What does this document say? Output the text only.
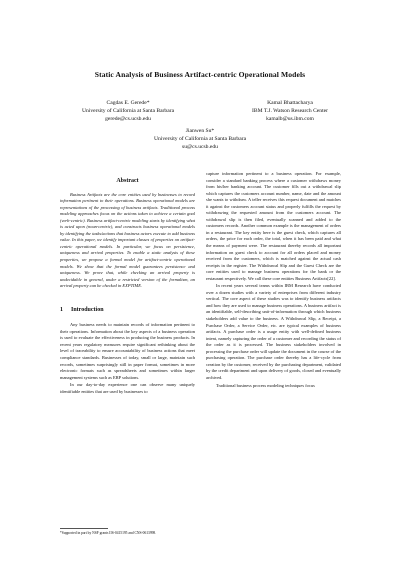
Static Analysis of Business Artifact-centric Operational Models
Cagdas E. Gerede*
University of California at Santa Barbara
gerede@cs.ucsb.edu
Kamal Bhattacharya
IBM T.J. Watson Research Center
kamalb@us.ibm.com
Jianwen Su*
University of California at Santa Barbara
su@cs.ucsb.edu
Abstract

Business Artifacts are the core entities used by businesses to record information pertinent to their operations. Business operational models are representations of the processing of business artifacts. Traditional process modeling approaches focus on the actions taken to achieve a certain goal (verb-centric). Business artifact-centric modeling starts by identifying what is acted upon (noun-centric), and constructs business operational models by identifying the tasks/actions that business actors execute to add business value. In this paper, we identify important classes of properties on artifact-centric operational models. In particular, we focus on persistence, uniqueness and arrival properties. To enable a static analysis of these properties, we propose a formal model for artifact-centric operational models. We show that the formal model guarantees persistence and uniqueness. We prove that, while checking an arrival property is undecidable in general, under a restricted version of the formalism, an arrival property can be checked in EXPTIME.

1 Introduction

Any business needs to maintain records of information pertinent to their operations. Information about the key aspects of a business operation is used to evaluate the effectiveness in producing the business products. In recent years regulatory measures require significant rethinking about the level of traceability to ensure accountability of business actions that meet compliance standards. Businesses of today, small or large, maintain such records, sometimes surprisingly still in paper format, sometimes in more electronic formats such as spreadsheets and sometimes within larger management systems such as ERP solutions.

In our day-to-day experience one can observe many uniquely identifiable entities that are used by businesses to

capture information pertinent to a business operation. For example, consider a standard banking process where a customer withdraws money from his/her banking account. The customer fills out a withdrawal slip which captures the customers account number, name, date and the amount she wants to withdraw. A teller receives this request document and matches it against the customers account status and properly fulfills the request by withdrawing the requested amount from the customers account. The withdrawal slip is then filed, eventually scanned and added to the customers records. Another common example is the management of orders in a restaurant. The key entity here is the guest check, which captures all orders, the price for each order, the total, when it has been paid and what the means of payment were. The restaurant thereby records all important information on guest check to account for all orders placed and money received from the customers, which is matched against the actual cash receipts in the register. The Withdrawal Slip and the Guest Check are the core entities used to manage business operations for the bank or the restaurant respectively. We call these core entities Business Artifacts[22].

In recent years several teams within IBM Research have conducted over a dozen studies with a variety of enterprises from different industry vertical. The core aspect of these studies was to identify business artifacts and how they are used to manage business operations. A business artifact is an identifiable, self-describing unit-of-information through which business stakeholders add value to the business. A Withdrawal Slip, a Receipt, a Purchase Order, a Service Order, etc. are typical examples of business artifacts. A purchase order is a usage entity with well-defined business intent, namely capturing the order of a customer and recording the status of the order as it is processed. The business stakeholders involved in processing the purchase order will update the document in the course of the purchasing operation. The purchase order thereby has a life-cycle from creation by the customer, received by the purchasing department, validated by the credit department and upon delivery of goods, closed and eventually archived.

Traditional business process modeling techniques focus

*Supported in part by NSF grants IIS-0415195 and CNS-0613998.
